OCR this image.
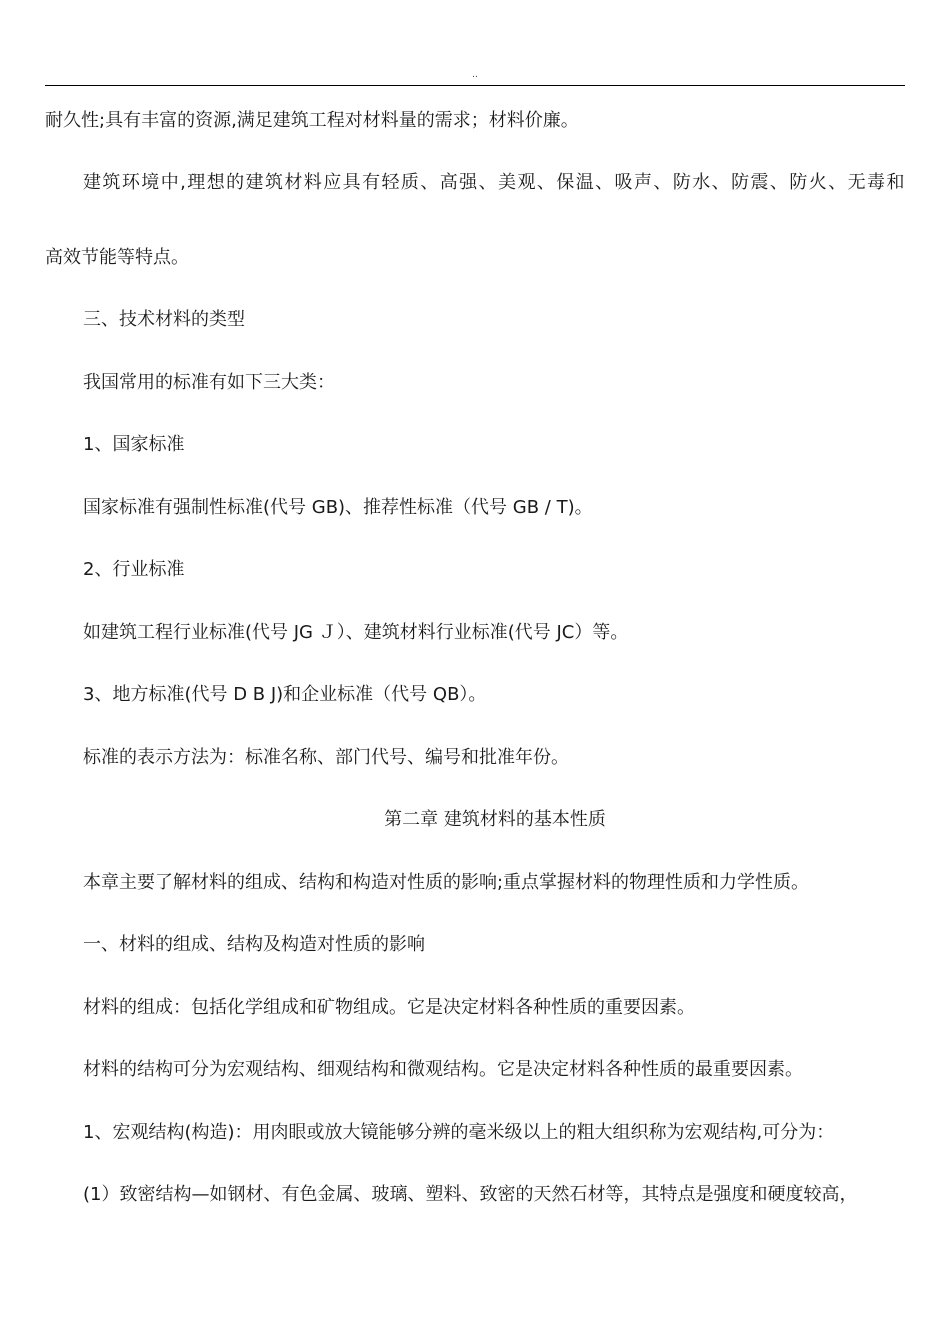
..
耐久性;具有丰富的资源,满足建筑工程对材料量的需求；材料价廉。
建 筑 环 境 中 , 理 想 的 建 筑 材 料 应 具 有 轻 质 、 高 强 、 美 观 、 保 温 、 吸 声 、 防 水 、 防 震 、 防 火 、 无 毒 和
高效节能等特点。
三、技术材料的类型
我国常用的标准有如下三大类：
1、国家标准
国家标准有强制性标准(代号 GB)、推荐性标准（代号 GB / T)。
2、行业标准
如建筑工程行业标准(代号 JG Ｊ）、建筑材料行业标准(代号 JC）等。
3、地方标准(代号 D B J)和企业标准（代号 QB）。
标准的表示方法为：标准名称、部门代号、编号和批准年份。
第二章 建筑材料的基本性质
本章主要了解材料的组成、结构和构造对性质的影响;重点掌握材料的物理性质和力学性质。
一、材料的组成、结构及构造对性质的影响
材料的组成：包括化学组成和矿物组成。它是决定材料各种性质的重要因素。
材料的结构可分为宏观结构、细观结构和微观结构。它是决定材料各种性质的最重要因素。
1、宏观结构(构造)：用肉眼或放大镜能够分辨的毫米级以上的粗大组织称为宏观结构,可分为：
(1）致密结构—如钢材、有色金属、玻璃、塑料、致密的天然石材等，其特点是强度和硬度较高，
